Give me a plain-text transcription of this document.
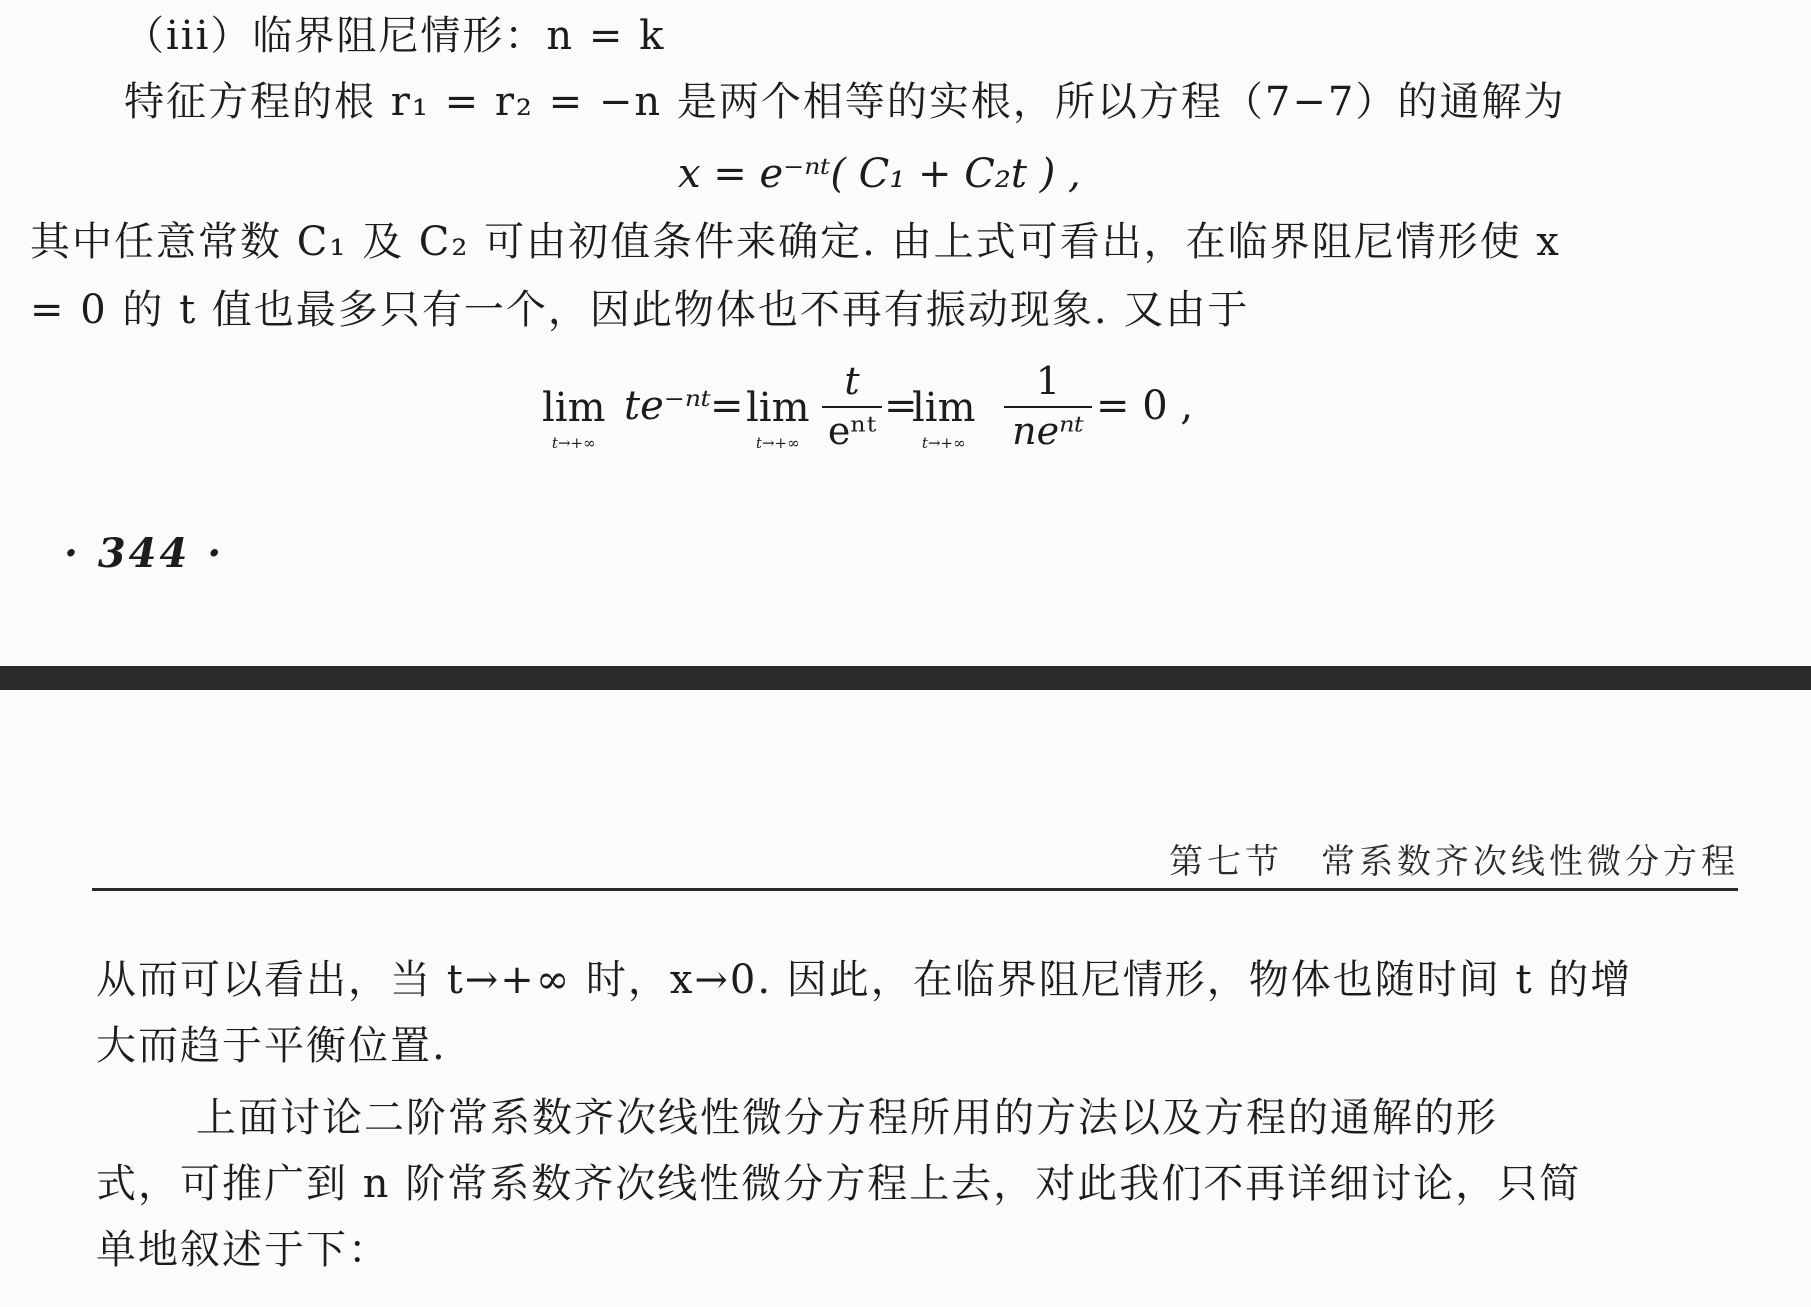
（iii）临界阻尼情形：n = k
特征方程的根 r₁ = r₂ = −n 是两个相等的实根，所以方程（7−7）的通解为
x = e⁻ⁿᵗ( C₁ + C₂t ) ,
其中任意常数 C₁ 及 C₂ 可由初值条件来确定. 由上式可看出，在临界阻尼情形使 x
= 0 的 t 值也最多只有一个，因此物体也不再有振动现象. 又由于
lim
t→+∞
te⁻ⁿᵗ = lim
t→+∞
t
eⁿᵗ
=
lim
t→+∞
1
neⁿᵗ
= 0 ,
· 344 ·
第七节　常系数齐次线性微分方程
从而可以看出，当 t→+∞ 时，x→0. 因此，在临界阻尼情形，物体也随时间 t 的增
大而趋于平衡位置.
上面讨论二阶常系数齐次线性微分方程所用的方法以及方程的通解的形
式，可推广到 n 阶常系数齐次线性微分方程上去，对此我们不再详细讨论，只简
单地叙述于下：
